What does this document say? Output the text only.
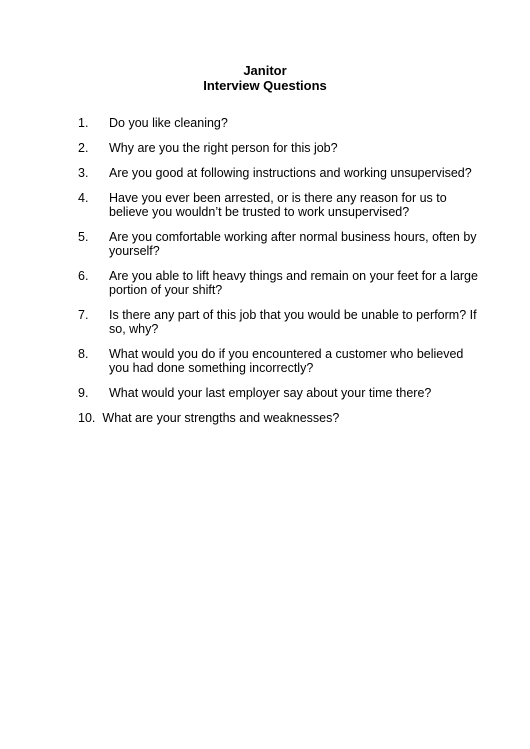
Janitor
Interview Questions
1.	Do you like cleaning?
2.	Why are you the right person for this job?
3.	Are you good at following instructions and working unsupervised?
4.	Have you ever been arrested, or is there any reason for us to believe you wouldn’t be trusted to work unsupervised?
5.	Are you comfortable working after normal business hours, often by yourself?
6.	Are you able to lift heavy things and remain on your feet for a large portion of your shift?
7.	Is there any part of this job that you would be unable to perform? If so, why?
8.	What would you do if you encountered a customer who believed you had done something incorrectly?
9.	What would your last employer say about your time there?
10. What are your strengths and weaknesses?
